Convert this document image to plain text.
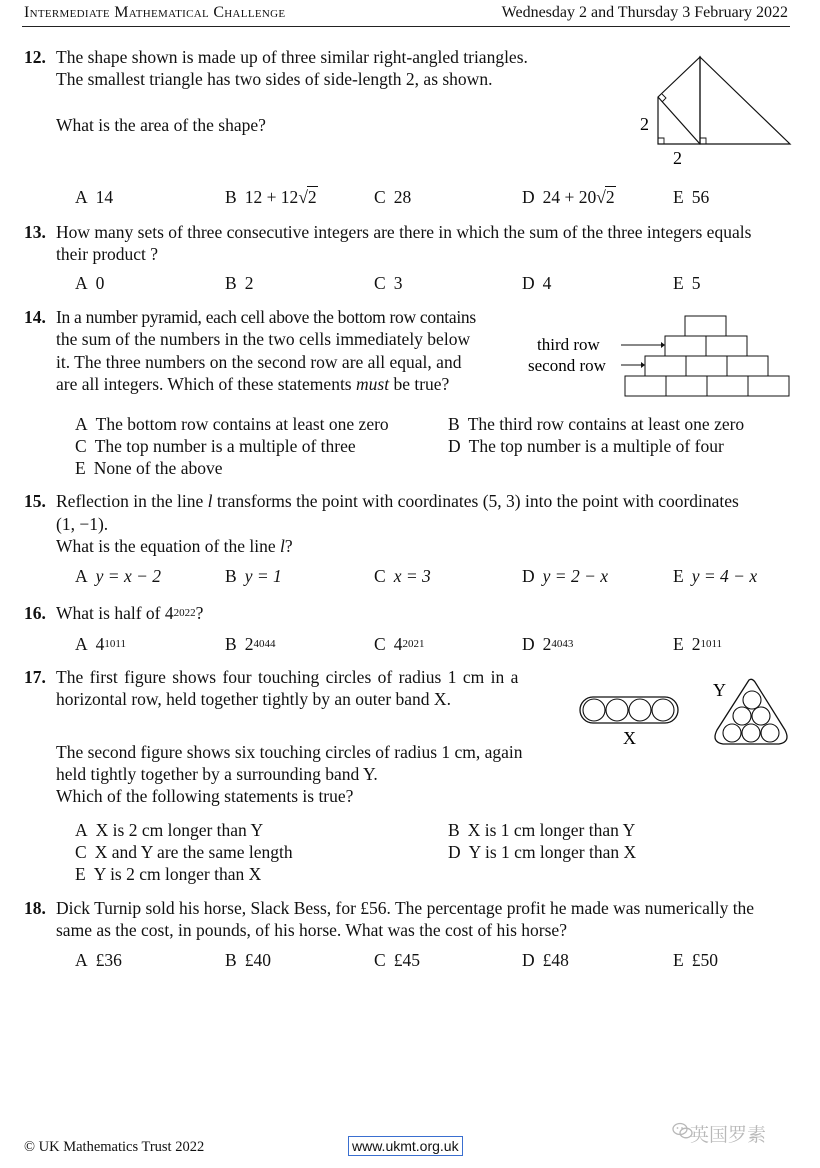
Intermediate Mathematical Challenge	Wednesday 2 and Thursday 3 February 2022
12. The shape shown is made up of three similar right-angled triangles.
The smallest triangle has two sides of side-length 2, as shown.
What is the area of the shape?	2
2
A 14	B 12 + 12√2	C 28	D 24 + 20√2	E 56
13. How many sets of three consecutive integers are there in which the sum of the three integers equals
their product ?
A 0	B 2	C 3	D 4	E 5
14. In a number pyramid, each cell above the bottom row contains
the sum of the numbers in the two cells immediately below
it. The three numbers on the second row are all equal, and
are all integers. Which of these statements must be true?
third row
second row
A The bottom row contains at least one zero	B The third row contains at least one zero
C The top number is a multiple of three	D The top number is a multiple of four
E None of the above
15. Reflection in the line l transforms the point with coordinates (5, 3) into the point with coordinates
(1, −1).
What is the equation of the line l?
A y = x − 2	B y = 1	C x = 3	D y = 2 − x	E y = 4 − x
16. What is half of $4^{2022}$?
A $4^{1011}$	B $2^{4044}$	C $4^{2021}$	D $2^{4043}$	E $2^{1011}$
17. The first figure shows four touching circles of radius 1 cm in a
horizontal row, held together tightly by an outer band X.
The second figure shows six touching circles of radius 1 cm, again
held tightly together by a surrounding band Y.
Which of the following statements is true?
X
Y
A X is 2 cm longer than Y	B X is 1 cm longer than Y
C X and Y are the same length	D Y is 1 cm longer than X
E Y is 2 cm longer than X
18. Dick Turnip sold his horse, Slack Bess, for £56. The percentage profit he made was numerically the
same as the cost, in pounds, of his horse. What was the cost of his horse?
A £36	B £40	C £45	D £48	E £50
© UK Mathematics Trust 2022	www.ukmt.org.uk	英国罗素
